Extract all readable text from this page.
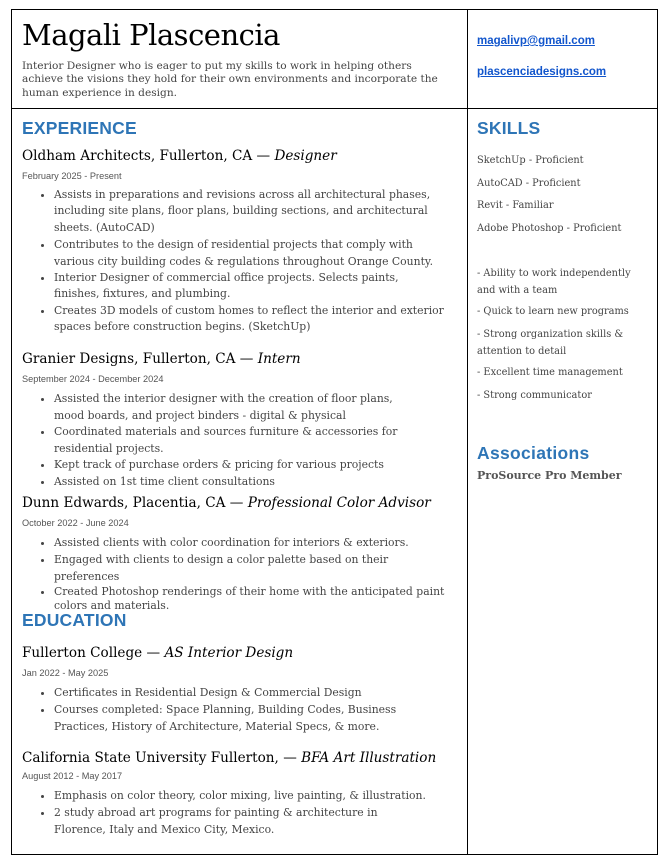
Magali Plascencia
Interior Designer who is eager to put my skills to work in helping others achieve the visions they hold for their own environments and incorporate the human experience in design.
magalivp@gmail.com
plascenciadesigns.com
EXPERIENCE
Oldham Architects, Fullerton, CA — Designer
February 2025 - Present
• Assists in preparations and revisions across all architectural phases, including site plans, floor plans, building sections, and architectural sheets. (AutoCAD)
• Contributes to the design of residential projects that comply with various city building codes & regulations throughout Orange County.
• Interior Designer of commercial office projects. Selects paints, finishes, fixtures, and plumbing.
• Creates 3D models of custom homes to reflect the interior and exterior spaces before construction begins. (SketchUp)
Granier Designs, Fullerton, CA — Intern
September 2024 - December 2024
• Assisted the interior designer with the creation of floor plans, mood boards, and project binders - digital & physical
• Coordinated materials and sources furniture & accessories for residential projects.
• Kept track of purchase orders & pricing for various projects
• Assisted on 1st time client consultations
Dunn Edwards, Placentia, CA — Professional Color Advisor
October 2022 - June 2024
• Assisted clients with color coordination for interiors & exteriors.
• Engaged with clients to design a color palette based on their preferences
• Created Photoshop renderings of their home with the anticipated paint colors and materials.
EDUCATION
Fullerton College — AS Interior Design
Jan 2022 - May 2025
• Certificates in Residential Design & Commercial Design
• Courses completed: Space Planning, Building Codes, Business Practices, History of Architecture, Material Specs, & more.
California State University Fullerton, — BFA Art Illustration
August 2012 - May 2017
• Emphasis on color theory, color mixing, live painting, & illustration.
• 2 study abroad art programs for painting & architecture in Florence, Italy and Mexico City, Mexico.
SKILLS
SketchUp - Proficient
AutoCAD - Proficient
Revit - Familiar
Adobe Photoshop - Proficient
- Ability to work independently and with a team
- Quick to learn new programs
- Strong organization skills & attention to detail
- Excellent time management
- Strong communicator
Associations
ProSource Pro Member
